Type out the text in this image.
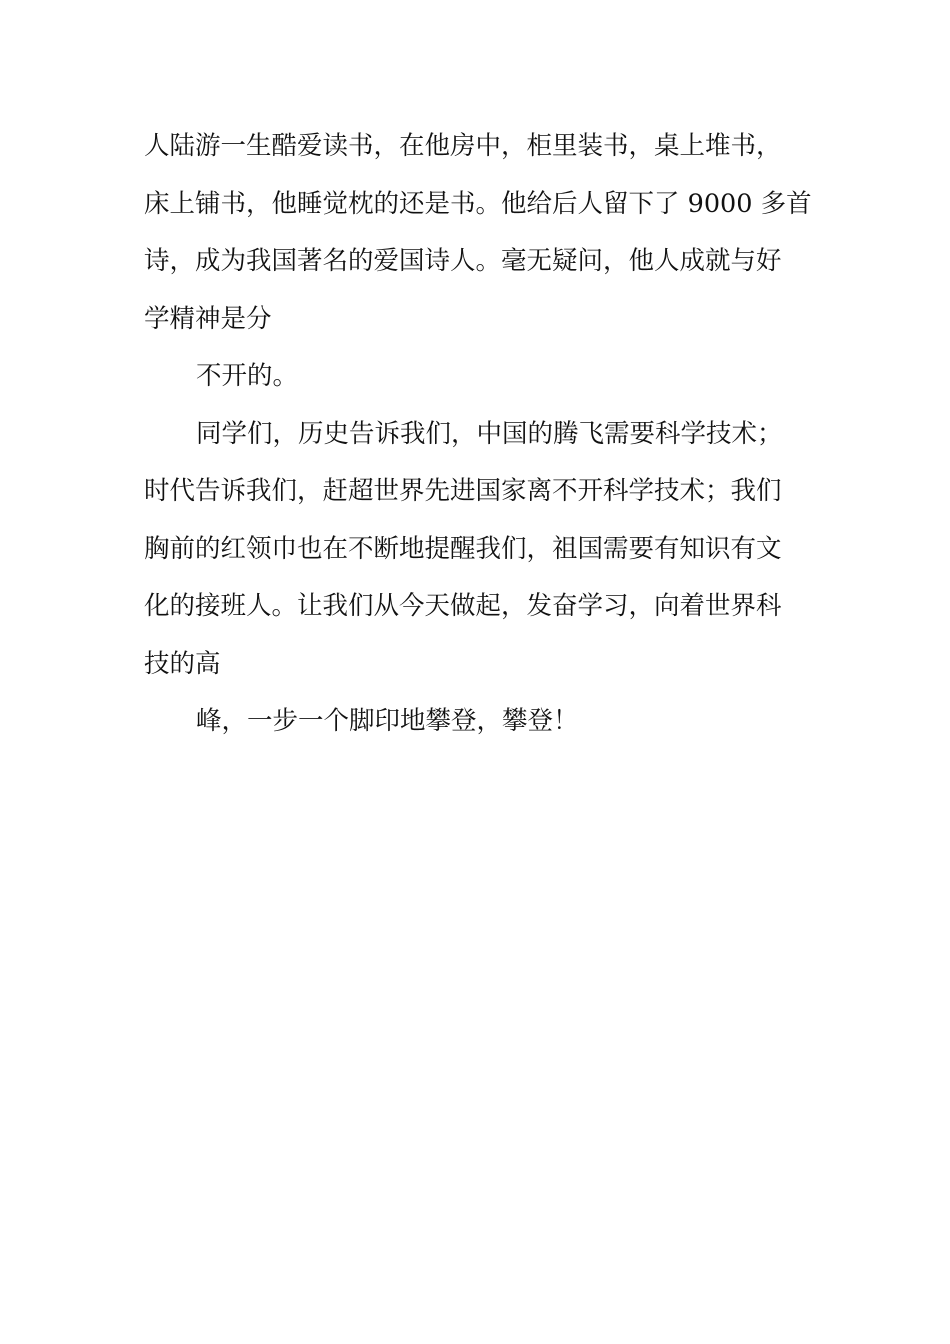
人陆游一生酷爱读书，在他房中，柜里装书，桌上堆书，
床上铺书，他睡觉枕的还是书。他给后人留下了 9000 多首
诗，成为我国著名的爱国诗人。毫无疑问，他人成就与好
学精神是分
不开的。
同学们，历史告诉我们，中国的腾飞需要科学技术；
时代告诉我们，赶超世界先进国家离不开科学技术；我们
胸前的红领巾也在不断地提醒我们，祖国需要有知识有文
化的接班人。让我们从今天做起，发奋学习，向着世界科
技的高
峰，一步一个脚印地攀登，攀登！
